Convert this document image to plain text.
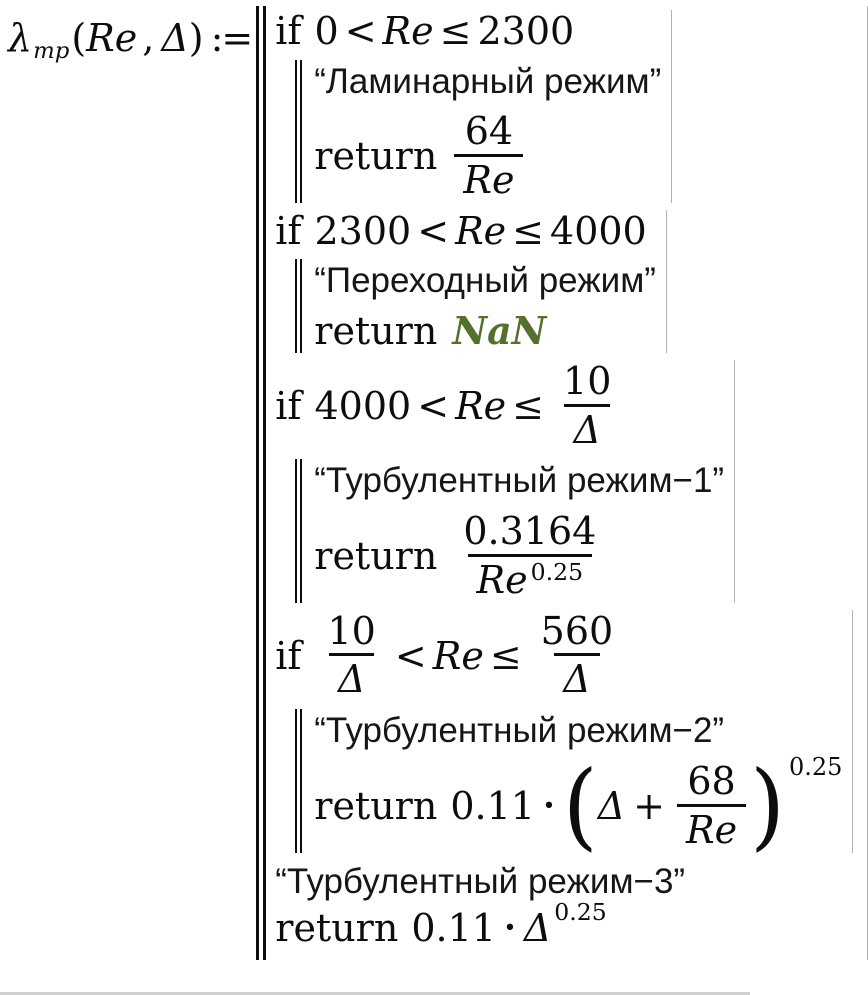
λ mp ( Re , Δ ) := if 0 < Re ≤ 2300
“Ламинарный режим”
return $\frac{64}{Re}$
if 2300 < Re ≤ 4000
“Переходный режим”
return NaN
if $4000 < Re \le \frac{10}{\Delta}$
“Турбулентный режим−1”
return $\frac{0.3164}{Re 0.25}$
if $\frac{10}{\Delta} < Re \le \frac{560}{\Delta}$
“Турбулентный режим−2”
return 0.11 · ( $\Delta + \frac{68}{Re}$ ) 0.25
“Турбулентный режим−3”
return 0.11 · Δ 0.25
